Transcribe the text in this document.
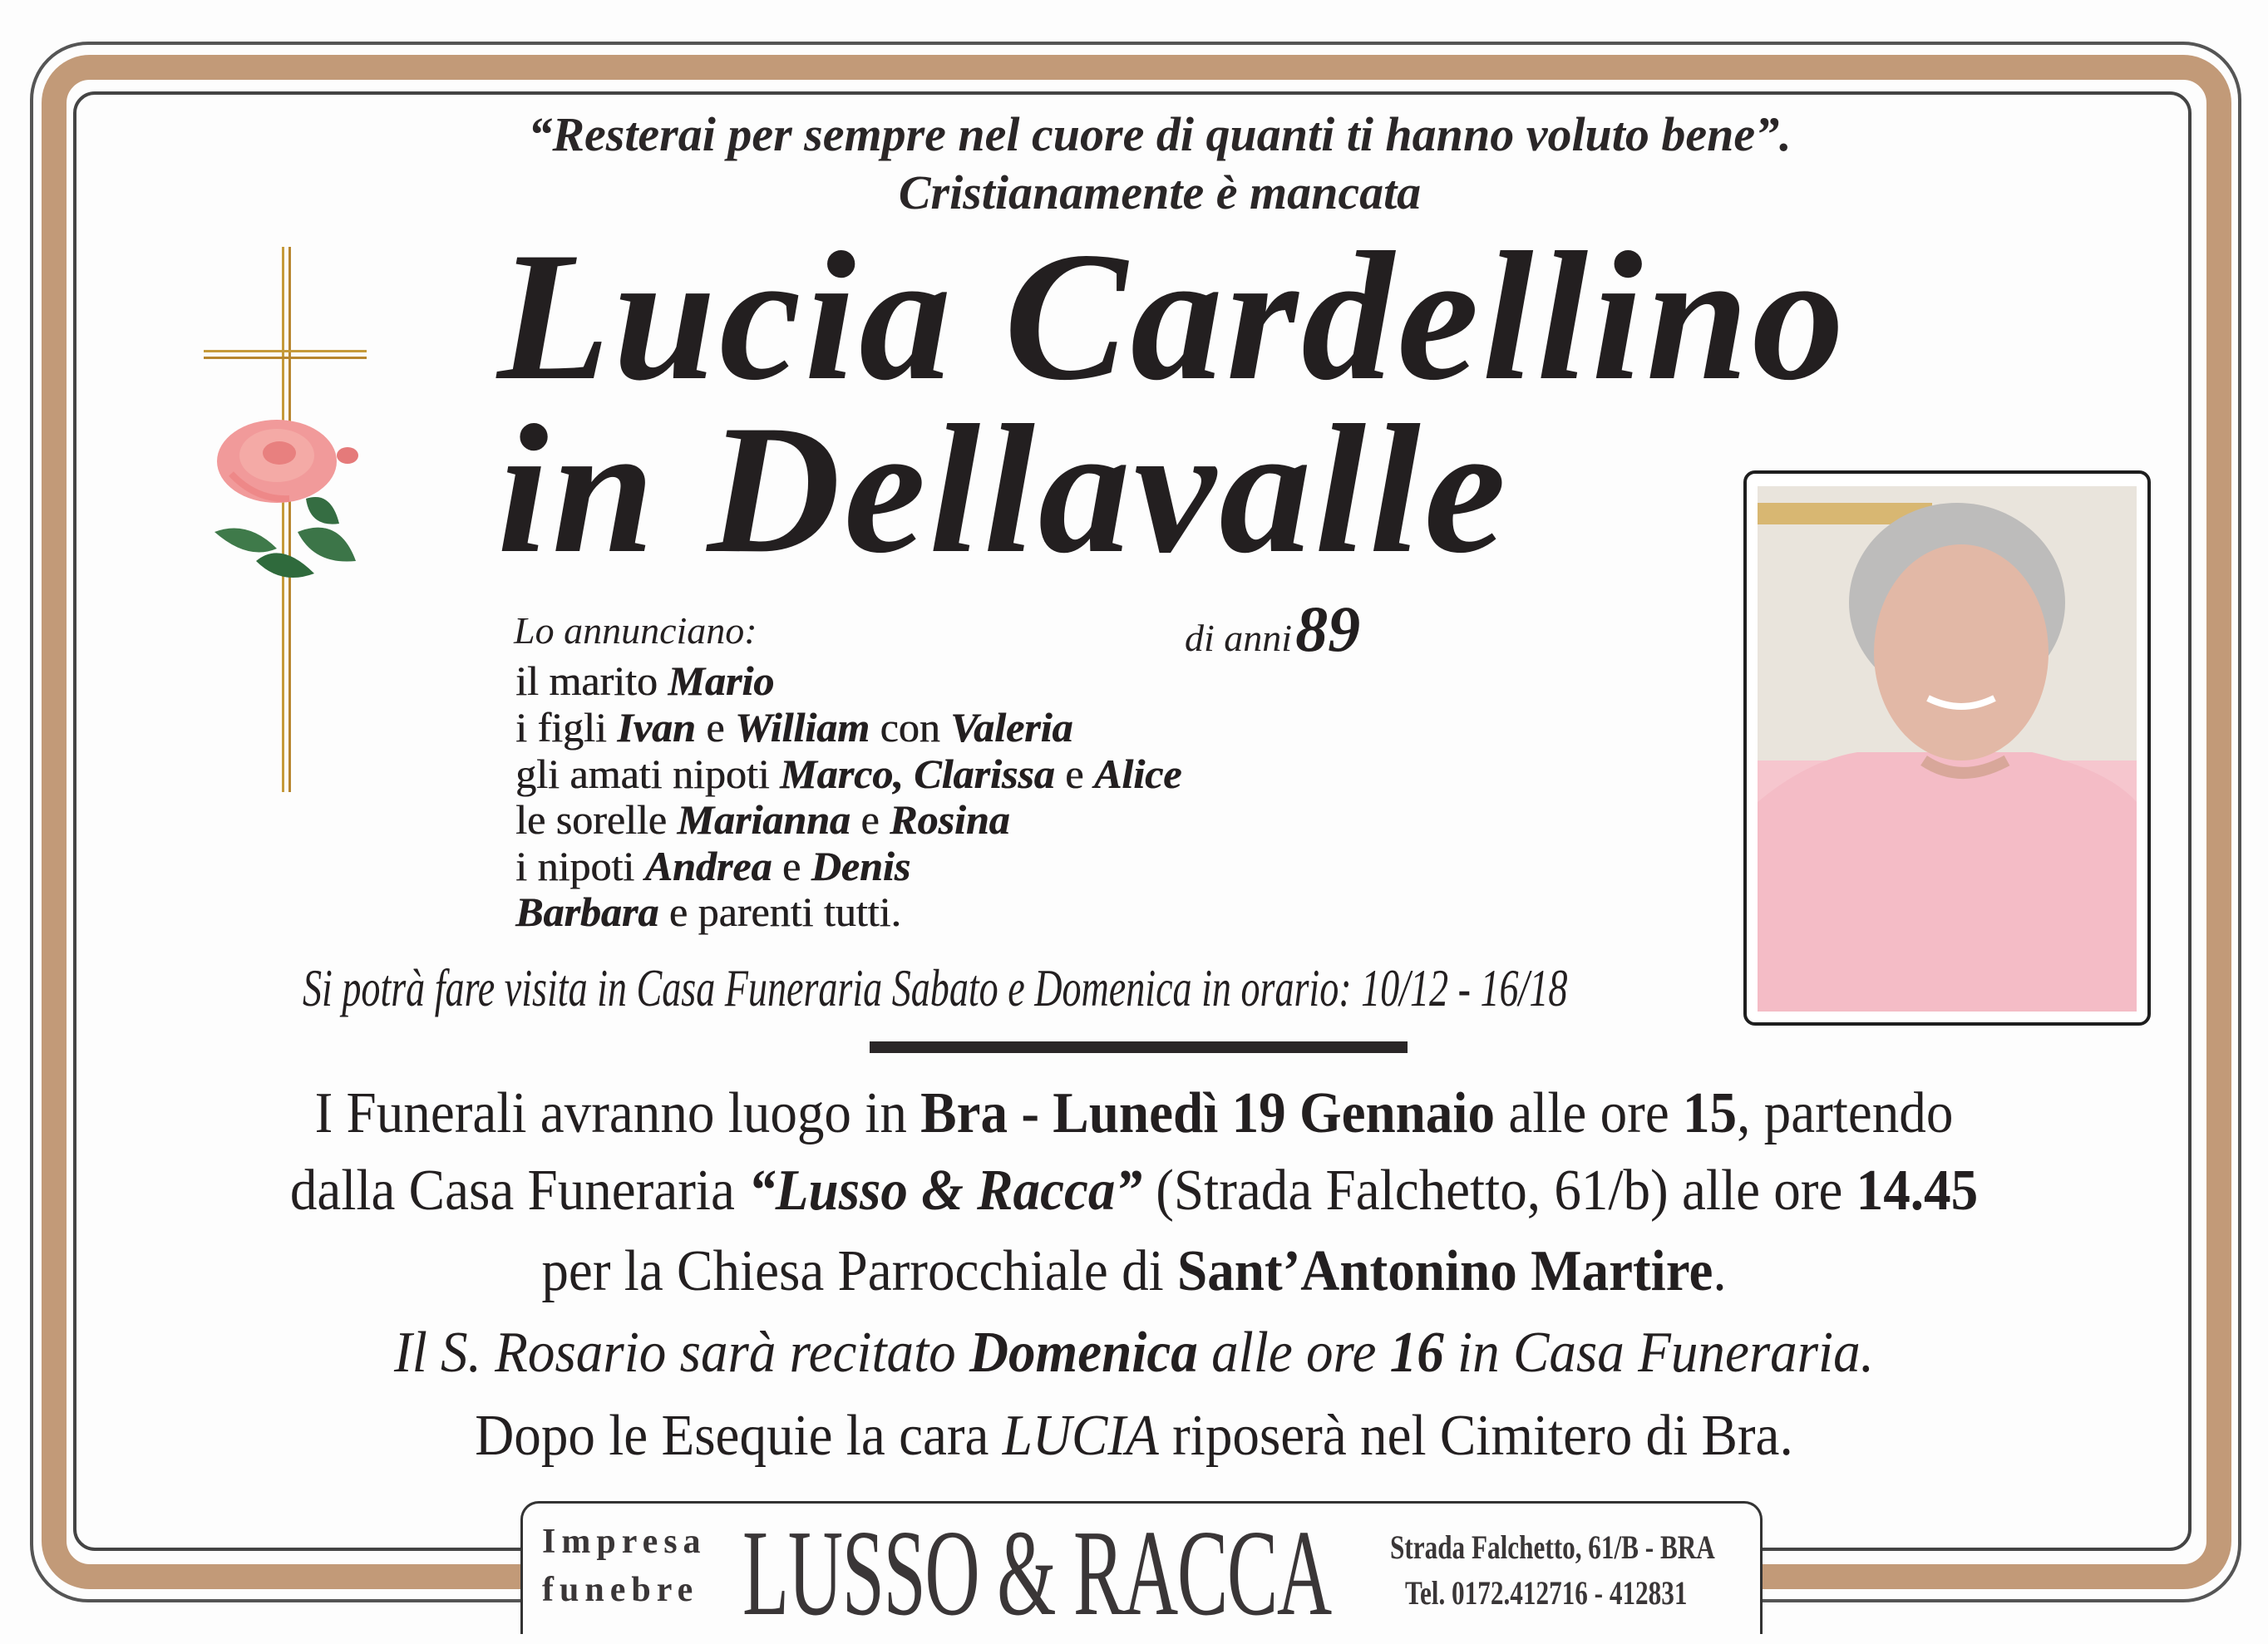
“Resterai per sempre nel cuore di quanti ti hanno voluto bene”.
Cristianamente è mancata
Lucia Cardellino
in Dellavalle
Lo annunciano:	di anni 89
il marito Mario
i figli Ivan e William con Valeria
gli amati nipoti Marco, Clarissa e Alice
le sorelle Marianna e Rosina
i nipoti Andrea e Denis
Barbara e parenti tutti.
Si potrà fare visita in Casa Funeraria Sabato e Domenica in orario: 10/12 - 16/18
I Funerali avranno luogo in Bra - Lunedì 19 Gennaio alle ore 15, partendo
dalla Casa Funeraria “Lusso & Racca” (Strada Falchetto, 61/b) alle ore 14.45
per la Chiesa Parrocchiale di Sant’Antonino Martire.
Il S. Rosario sarà recitato Domenica alle ore 16 in Casa Funeraria.
Dopo le Esequie la cara LUCIA riposerà nel Cimitero di Bra.
Impresa
funebre LUSSO & RACCA Strada Falchetto, 61/B - BRA
Tel. 0172.412716 - 412831
